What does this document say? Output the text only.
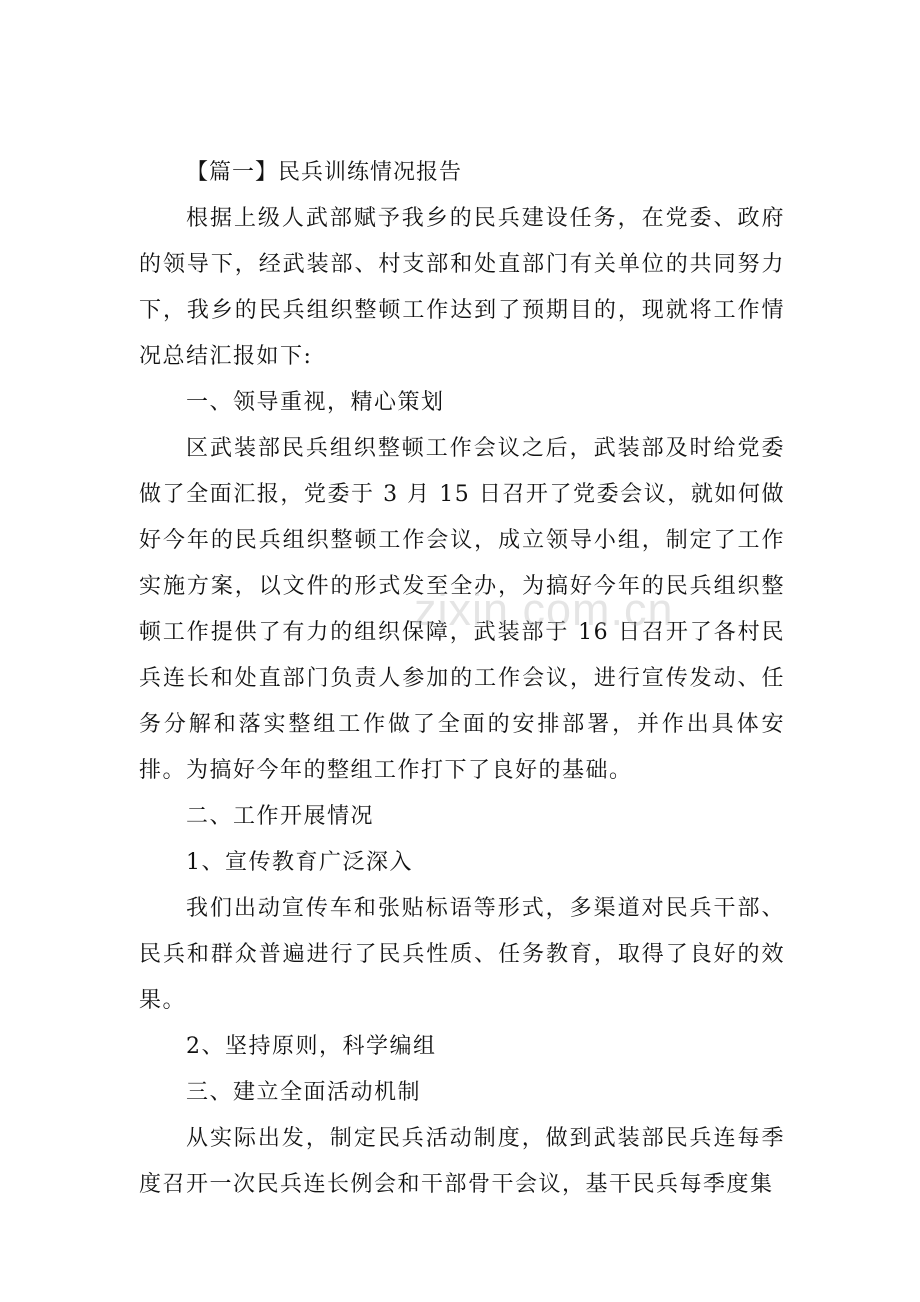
【篇一】民兵训练情况报告

根据上级人武部赋予我乡的民兵建设任务，在党委、政府的领导下，经武装部、村支部和处直部门有关单位的共同努力下，我乡的民兵组织整顿工作达到了预期目的，现就将工作情况总结汇报如下:

一、领导重视，精心策划

区武装部民兵组织整顿工作会议之后，武装部及时给党委做了全面汇报，党委于 3 月 15 日召开了党委会议，就如何做好今年的民兵组织整顿工作会议，成立领导小组，制定了工作实施方案，以文件的形式发至全办，为搞好今年的民兵组织整顿工作提供了有力的组织保障，武装部于 16 日召开了各村民兵连长和处直部门负责人参加的工作会议，进行宣传发动、任务分解和落实整组工作做了全面的安排部署，并作出具体安排。为搞好今年的整组工作打下了良好的基础。

二、工作开展情况

1、宣传教育广泛深入

我们出动宣传车和张贴标语等形式，多渠道对民兵干部、民兵和群众普遍进行了民兵性质、任务教育，取得了良好的效果。

2、坚持原则，科学编组

三、建立全面活动机制

从实际出发，制定民兵活动制度，做到武装部民兵连每季度召开一次民兵连长例会和干部骨干会议，基干民兵每季度集

zixin.com.cn
